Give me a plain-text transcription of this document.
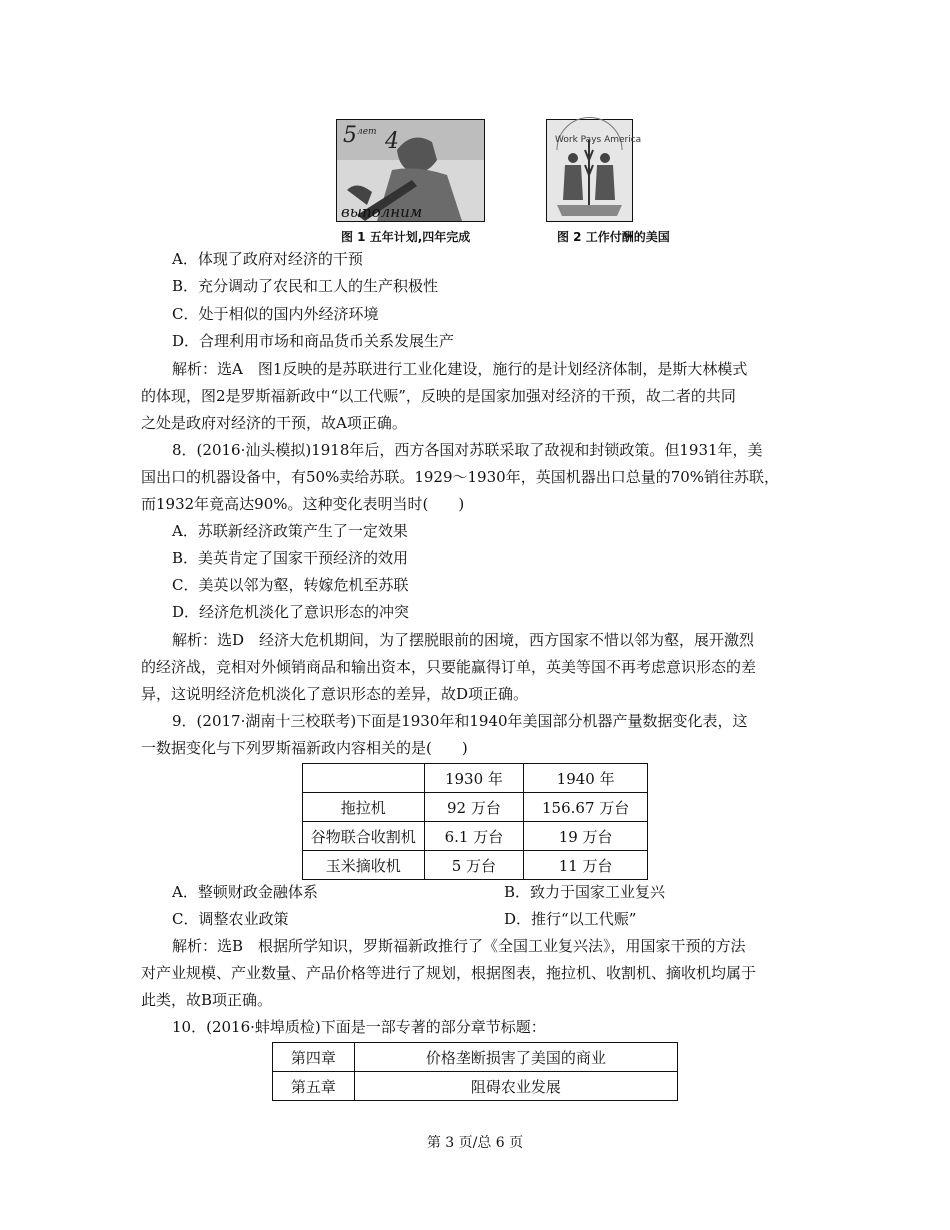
5 лет 4
выполним
图 1 五年计划,四年完成
Work Pays America
图 2 工作付酬的美国
A．体现了政府对经济的干预
B．充分调动了农民和工人的生产积极性
C．处于相似的国内外经济环境
D．合理利用市场和商品货币关系发展生产
解析：选A　图1反映的是苏联进行工业化建设，施行的是计划经济体制，是斯大林模式
的体现，图2是罗斯福新政中“以工代赈”，反映的是国家加强对经济的干预，故二者的共同
之处是政府对经济的干预，故A项正确。
8．(2016·汕头模拟)1918年后，西方各国对苏联采取了敌视和封锁政策。但1931年，美
国出口的机器设备中，有50%卖给苏联。1929～1930年，英国机器出口总量的70%销往苏联，
而1932年竟高达90%。这种变化表明当时(　　)
A．苏联新经济政策产生了一定效果
B．美英肯定了国家干预经济的效用
C．美英以邻为壑，转嫁危机至苏联
D．经济危机淡化了意识形态的冲突
解析：选D　经济大危机期间，为了摆脱眼前的困境，西方国家不惜以邻为壑，展开激烈
的经济战，竞相对外倾销商品和输出资本，只要能赢得订单，英美等国不再考虑意识形态的差
异，这说明经济危机淡化了意识形态的差异，故D项正确。
9．(2017·湖南十三校联考)下面是1930年和1940年美国部分机器产量数据变化表，这
一数据变化与下列罗斯福新政内容相关的是(　　)
	1930 年	1940 年
拖拉机	92 万台	156.67 万台
谷物联合收割机	6.1 万台	19 万台
玉米摘收机	5 万台	11 万台
A．整顿财政金融体系	B．致力于国家工业复兴
C．调整农业政策	D．推行“以工代赈”
解析：选B　根据所学知识，罗斯福新政推行了《全国工业复兴法》，用国家干预的方法
对产业规模、产业数量、产品价格等进行了规划，根据图表，拖拉机、收割机、摘收机均属于
此类，故B项正确。
10．(2016·蚌埠质检)下面是一部专著的部分章节标题：
第四章	价格垄断损害了美国的商业
第五章	阻碍农业发展
第 3 页/总 6 页
